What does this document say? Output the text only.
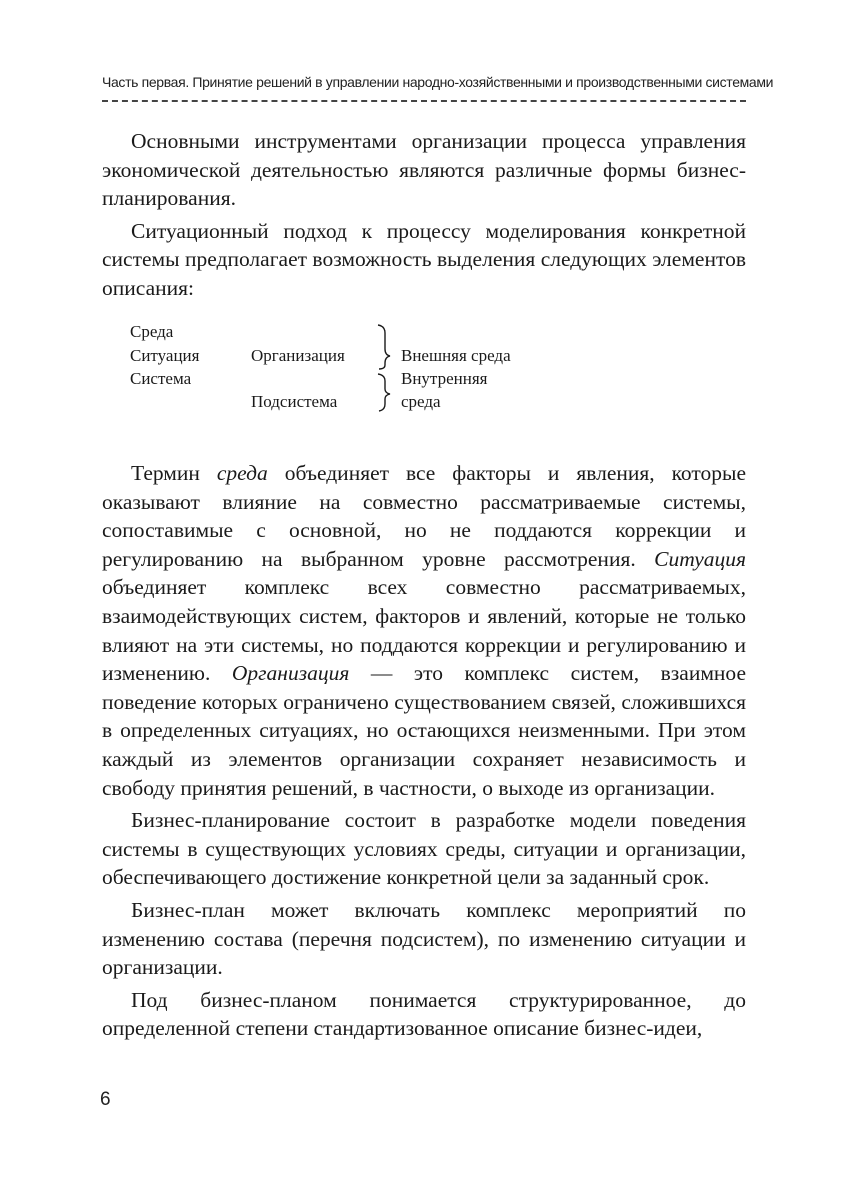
Часть первая. Принятие решений в управлении народно-хозяйственными и производственными системами

Основными инструментами организации процесса управления экономической деятельностью являются различные формы бизнес-планирования.

Ситуационный подход к процессу моделирования конкретной системы предполагает возможность выделения следующих элементов описания:

Среда
Ситуация
Система
Организация
Подсистема
Внешняя среда
Внутренняя
среда

Термин среда объединяет все факторы и явления, которые оказывают влияние на совместно рассматриваемые системы, сопоставимые с основной, но не поддаются коррекции и регулированию на выбранном уровне рассмотрения. Ситуация объединяет комплекс всех совместно рассматриваемых, взаимодействующих систем, факторов и явлений, которые не только влияют на эти системы, но поддаются коррекции и регулированию и изменению. Организация — это комплекс систем, взаимное поведение которых ограничено существованием связей, сложившихся в определенных ситуациях, но остающихся неизменными. При этом каждый из элементов организации сохраняет независимость и свободу принятия решений, в частности, о выходе из организации.

Бизнес-планирование состоит в разработке модели поведения системы в существующих условиях среды, ситуации и организации, обеспечивающего достижение конкретной цели за заданный срок.

Бизнес-план может включать комплекс мероприятий по изменению состава (перечня подсистем), по изменению ситуации и организации.

Под бизнес-планом понимается структурированное, до определенной степени стандартизованное описание бизнес-идеи,

6
